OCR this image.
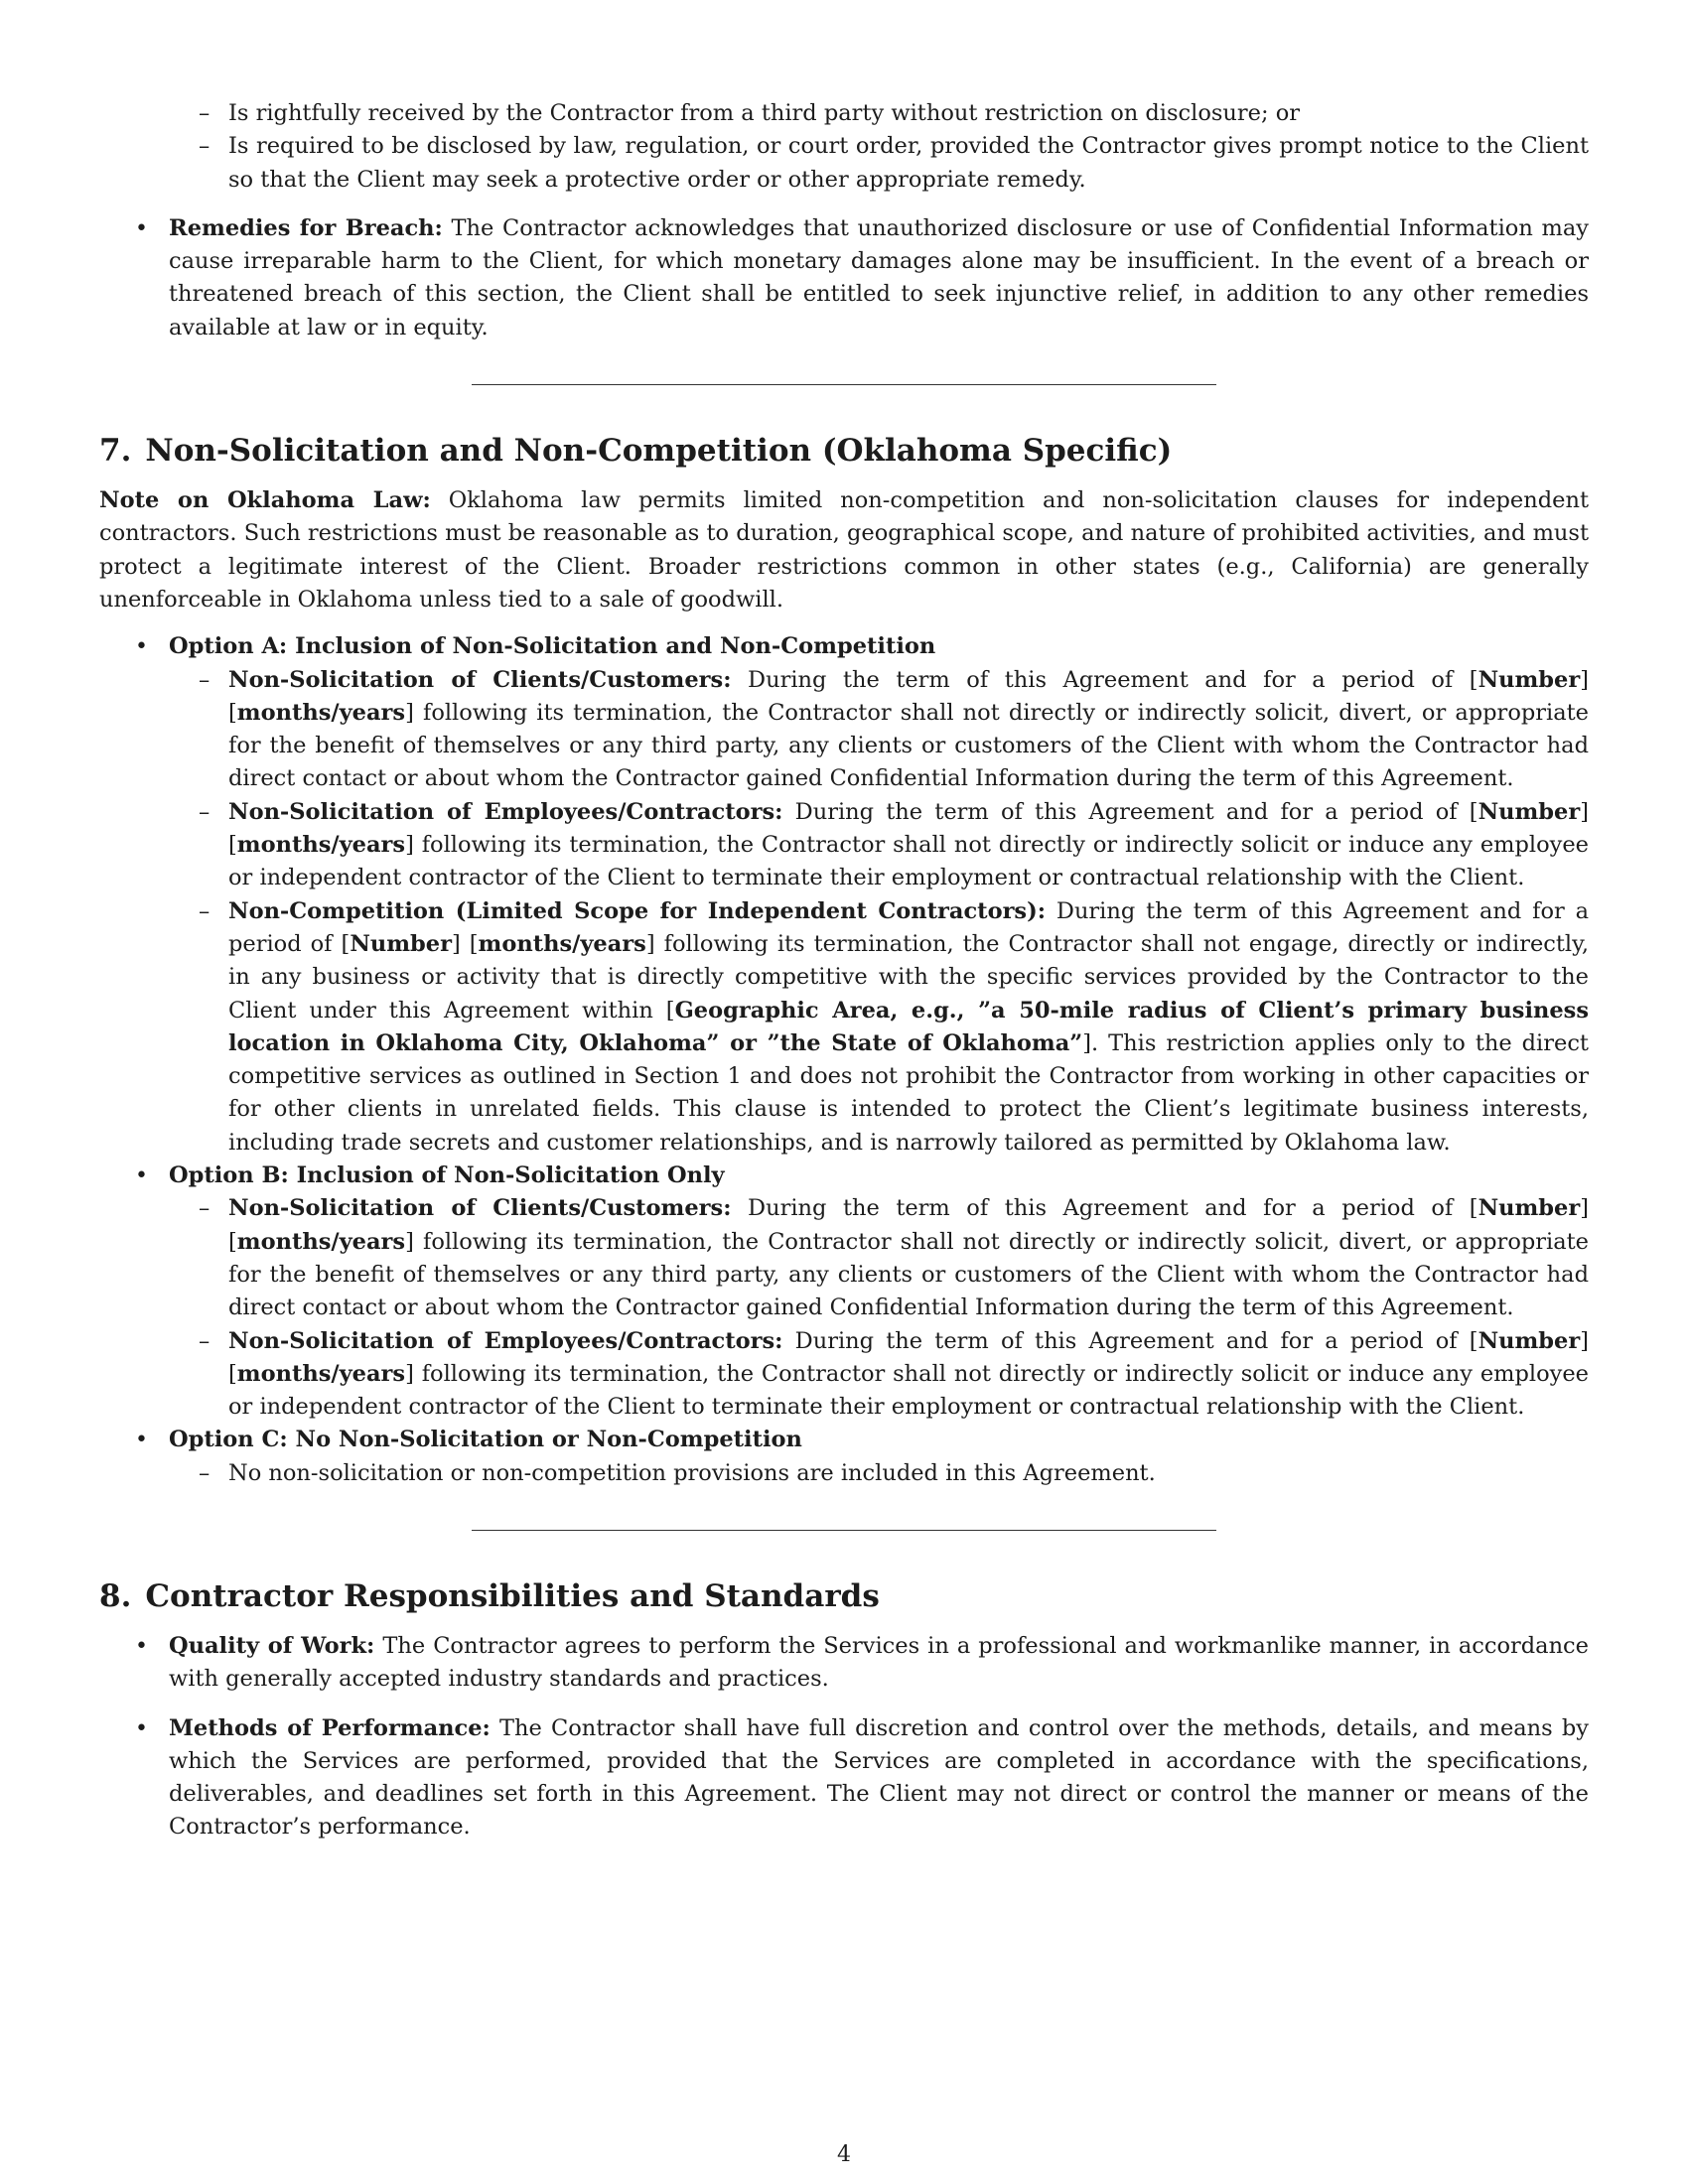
– Is rightfully received by the Contractor from a third party without restriction on disclosure; or
– Is required to be disclosed by law, regulation, or court order, provided the Contractor gives prompt notice to the Client so that the Client may seek a protective order or other appropriate remedy.
• Remedies for Breach: The Contractor acknowledges that unauthorized disclosure or use of Confidential Information may cause irreparable harm to the Client, for which monetary damages alone may be insufficient. In the event of a breach or threatened breach of this section, the Client shall be entitled to seek injunctive relief, in addition to any other remedies available at law or in equity.
7. Non-Solicitation and Non-Competition (Oklahoma Specific)

Note on Oklahoma Law: Oklahoma law permits limited non-competition and non-solicitation clauses for independent contractors. Such restrictions must be reasonable as to duration, geographical scope, and nature of prohibited activities, and must protect a legitimate interest of the Client. Broader restrictions common in other states (e.g., California) are generally unenforceable in Oklahoma unless tied to a sale of goodwill.

• Option A: Inclusion of Non-Solicitation and Non-Competition
– Non-Solicitation of Clients/Customers: During the term of this Agreement and for a period of [Number] [months/years] following its termination, the Contractor shall not directly or indirectly solicit, divert, or appropriate for the benefit of themselves or any third party, any clients or customers of the Client with whom the Contractor had direct contact or about whom the Contractor gained Confidential Information during the term of this Agreement.
– Non-Solicitation of Employees/Contractors: During the term of this Agreement and for a period of [Number] [months/years] following its termination, the Contractor shall not directly or indirectly solicit or induce any employee or independent contractor of the Client to terminate their employment or contractual relationship with the Client.
– Non-Competition (Limited Scope for Independent Contractors): During the term of this Agreement and for a period of [Number] [months/years] following its termination, the Contractor shall not engage, directly or indirectly, in any business or activity that is directly competitive with the specific services provided by the Contractor to the Client under this Agreement within [Geographic Area, e.g., ”a 50-mile radius of Client’s primary business location in Oklahoma City, Oklahoma” or ”the State of Oklahoma”]. This restriction applies only to the direct competitive services as outlined in Section 1 and does not prohibit the Contractor from working in other capacities or for other clients in unrelated fields. This clause is intended to protect the Client’s legitimate business interests, including trade secrets and customer relationships, and is narrowly tailored as permitted by Oklahoma law.
• Option B: Inclusion of Non-Solicitation Only
– Non-Solicitation of Clients/Customers: During the term of this Agreement and for a period of [Number] [months/years] following its termination, the Contractor shall not directly or indirectly solicit, divert, or appropriate for the benefit of themselves or any third party, any clients or customers of the Client with whom the Contractor had direct contact or about whom the Contractor gained Confidential Information during the term of this Agreement.
– Non-Solicitation of Employees/Contractors: During the term of this Agreement and for a period of [Number] [months/years] following its termination, the Contractor shall not directly or indirectly solicit or induce any employee or independent contractor of the Client to terminate their employment or contractual relationship with the Client.
• Option C: No Non-Solicitation or Non-Competition
– No non-solicitation or non-competition provisions are included in this Agreement.
8. Contractor Responsibilities and Standards
• Quality of Work: The Contractor agrees to perform the Services in a professional and workmanlike manner, in accordance with generally accepted industry standards and practices.
• Methods of Performance: The Contractor shall have full discretion and control over the methods, details, and means by which the Services are performed, provided that the Services are completed in accordance with the specifications, deliverables, and deadlines set forth in this Agreement. The Client may not direct or control the manner or means of the Contractor’s performance.
4
